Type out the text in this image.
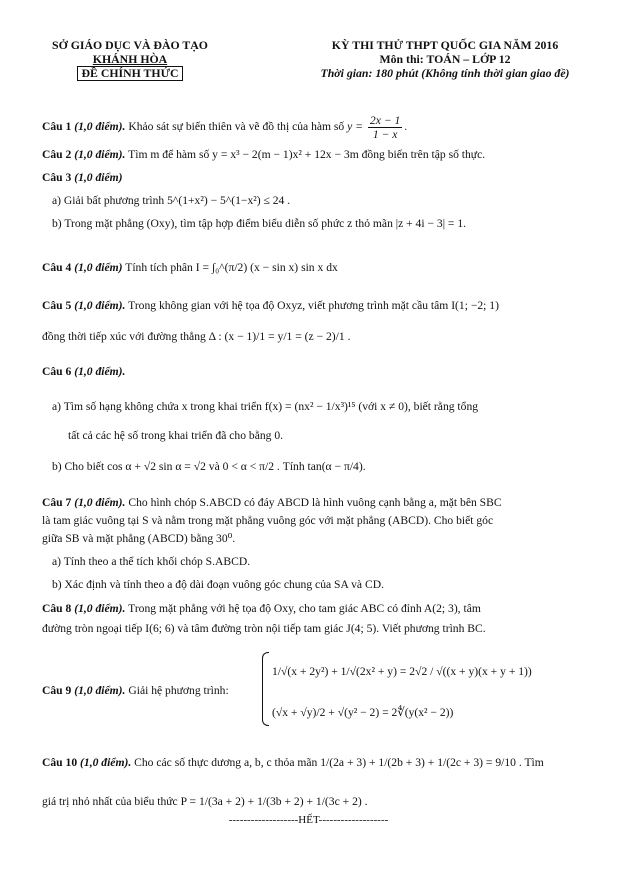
SỞ GIÁO DỤC VÀ ĐÀO TẠO
KHÁNH HÒA
ĐỀ CHÍNH THỨC
KỲ THI THỬ THPT QUỐC GIA NĂM 2016
Môn thi: TOÁN – LỚP 12
Thời gian: 180 phút (Không tính thời gian giao đề)
Câu 1 (1,0 điểm). Khảo sát sự biến thiên và vẽ đồ thị của hàm số $y = \frac{2x - 1}{1 - x}$ .
Câu 2 (1,0 điểm). Tìm m để hàm số y = x³ − 2(m − 1)x² + 12x − 3m đồng biến trên tập số thực.
Câu 3 (1,0 điểm)
a) Giải bất phương trình 5^(1+x²) − 5^(1−x²) ≤ 24 .
b) Trong mặt phẳng (Oxy), tìm tập hợp điểm biểu diễn số phức z thỏ mãn |z + 4i − 3| = 1.
Câu 4 (1,0 điểm) Tính tích phân I = ∫₀^(π/2) (x − sin x) sin x dx
Câu 5 (1,0 điểm). Trong không gian với hệ tọa độ Oxyz, viết phương trình mặt cầu tâm I(1; −2; 1)
đồng thời tiếp xúc với đường thẳng Δ : (x − 1)/1 = y/1 = (z − 2)/1 .
Câu 6 (1,0 điểm).
a) Tìm số hạng không chứa x trong khai triển f(x) = (nx² − 1/x³)¹⁵ (với x ≠ 0), biết rằng tổng
tất cả các hệ số trong khai triển đã cho bằng 0.
b) Cho biết cos α + √2 sin α = √2 và 0 < α < π/2 . Tính tan(α − π/4).
Câu 7 (1,0 điểm). Cho hình chóp S.ABCD có đáy ABCD là hình vuông cạnh bằng a, mặt bên SBC
là tam giác vuông tại S và nằm trong mặt phẳng vuông góc với mặt phẳng (ABCD). Cho biết góc
giữa SB và mặt phẳng (ABCD) bằng 30⁰.
a) Tính theo a thể tích khối chóp S.ABCD.
b) Xác định và tính theo a độ dài đoạn vuông góc chung của SA và CD.
Câu 8 (1,0 điểm). Trong mặt phẳng với hệ tọa độ Oxy, cho tam giác ABC có đỉnh A(2; 3), tâm
đường tròn ngoại tiếp I(6; 6) và tâm đường tròn nội tiếp tam giác J(4; 5). Viết phương trình BC.
Câu 9 (1,0 điểm). Giải hệ phương trình:
1/√(x + 2y²) + 1/√(2x² + y) = 2√2 / √((x + y)(x + y + 1))
(√x + √y)/2 + √(y² − 2) = 2∜(y(x² − 2))
Câu 10 (1,0 điểm). Cho các số thực dương a, b, c thỏa mãn 1/(2a + 3) + 1/(2b + 3) + 1/(2c + 3) = 9/10 . Tìm
giá trị nhỏ nhất của biểu thức P = 1/(3a + 2) + 1/(3b + 2) + 1/(3c + 2) .
-------------------HẾT-------------------
